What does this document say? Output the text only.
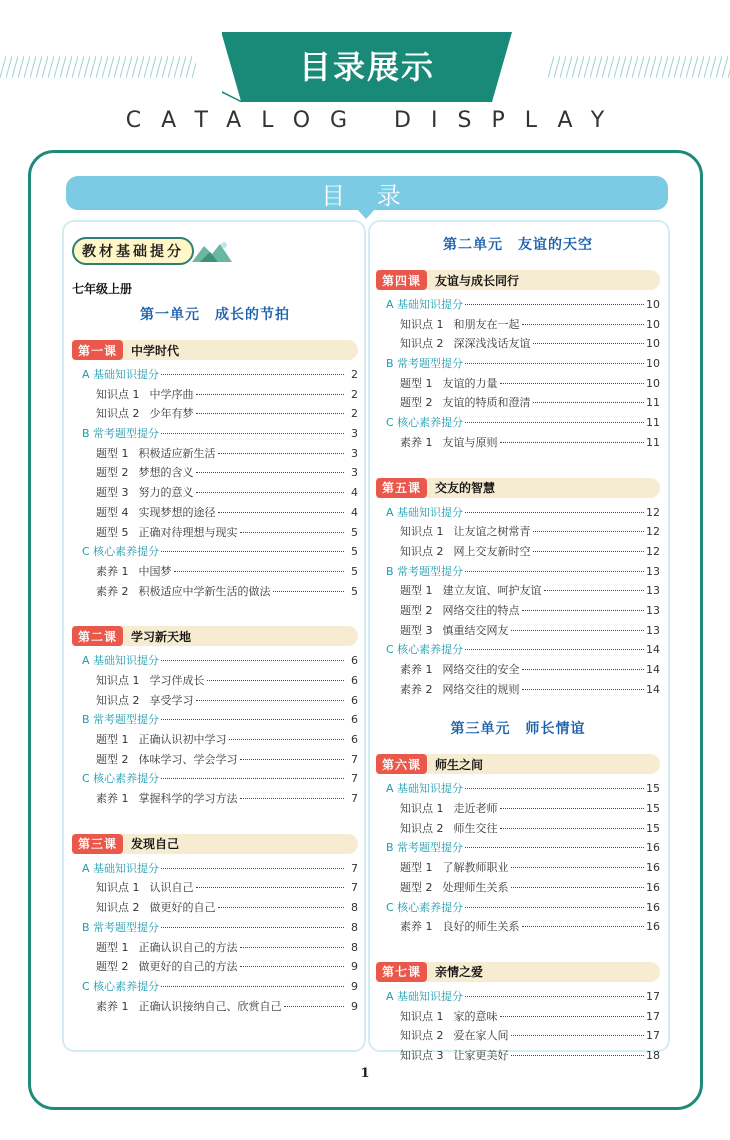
目录展示
CATALOG DISPLAY
目 录
教材基础提分
七年级上册
第一单元　成长的节拍
第一课	中学时代
A 基础知识提分	2
知识点 1 中学序曲	2
知识点 2 少年有梦	2
B 常考题型提分	3
题型 1 积极适应新生活	3
题型 2 梦想的含义	3
题型 3 努力的意义	4
题型 4 实现梦想的途径	4
题型 5 正确对待理想与现实	5
C 核心素养提分	5
素养 1 中国梦	5
素养 2 积极适应中学新生活的做法	5
第二课	学习新天地
A 基础知识提分	6
知识点 1 学习伴成长	6
知识点 2 享受学习	6
B 常考题型提分	6
题型 1 正确认识初中学习	6
题型 2 体味学习、学会学习	7
C 核心素养提分	7
素养 1 掌握科学的学习方法	7
第三课	发现自己
A 基础知识提分	7
知识点 1 认识自己	7
知识点 2 做更好的自己	8
B 常考题型提分	8
题型 1 正确认识自己的方法	8
题型 2 做更好的自己的方法	9
C 核心素养提分	9
素养 1 正确认识接纳自己、欣赏自己	9
第二单元　友谊的天空
第四课	友谊与成长同行
A 基础知识提分	10
知识点 1 和朋友在一起	10
知识点 2 深深浅浅话友谊	10
B 常考题型提分	10
题型 1 友谊的力量	10
题型 2 友谊的特质和澄清	11
C 核心素养提分	11
素养 1 友谊与原则	11
第五课	交友的智慧
A 基础知识提分	12
知识点 1 让友谊之树常青	12
知识点 2 网上交友新时空	12
B 常考题型提分	13
题型 1 建立友谊、呵护友谊	13
题型 2 网络交往的特点	13
题型 3 慎重结交网友	13
C 核心素养提分	14
素养 1 网络交往的安全	14
素养 2 网络交往的规则	14
第三单元　师长情谊
第六课	师生之间
A 基础知识提分	15
知识点 1 走近老师	15
知识点 2 师生交往	15
B 常考题型提分	16
题型 1 了解教师职业	16
题型 2 处理师生关系	16
C 核心素养提分	16
素养 1 良好的师生关系	16
第七课	亲情之爱
A 基础知识提分	17
知识点 1 家的意味	17
知识点 2 爱在家人间	17
知识点 3 让家更美好	18
1
